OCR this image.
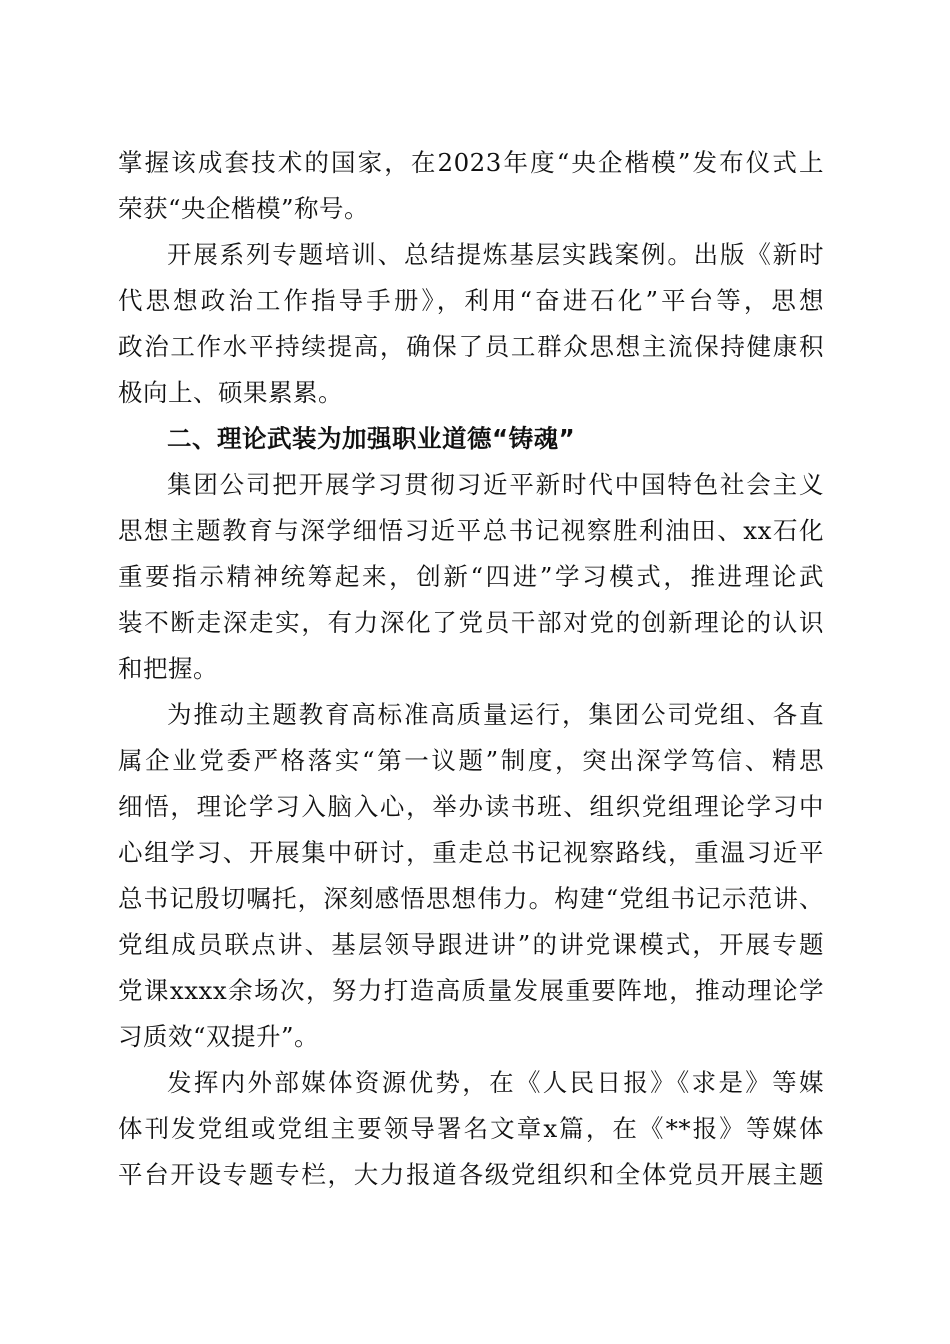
掌握该成套技术的国家，在2023年度“央企楷模”发布仪式上
荣获“央企楷模”称号。
开展系列专题培训、总结提炼基层实践案例。出版《新时
代思想政治工作指导手册》，利用“奋进石化”平台等，思想
政治工作水平持续提高，确保了员工群众思想主流保持健康积
极向上、硕果累累。
二、理论武装为加强职业道德“铸魂”
集团公司把开展学习贯彻习近平新时代中国特色社会主义
思想主题教育与深学细悟习近平总书记视察胜利油田、xx石化
重要指示精神统筹起来，创新“四进”学习模式，推进理论武
装不断走深走实，有力深化了党员干部对党的创新理论的认识
和把握。
为推动主题教育高标准高质量运行，集团公司党组、各直
属企业党委严格落实“第一议题”制度，突出深学笃信、精思
细悟，理论学习入脑入心，举办读书班、组织党组理论学习中
心组学习、开展集中研讨，重走总书记视察路线，重温习近平
总书记殷切嘱托，深刻感悟思想伟力。构建“党组书记示范讲、
党组成员联点讲、基层领导跟进讲”的讲党课模式，开展专题
党课xxxx余场次，努力打造高质量发展重要阵地，推动理论学
习质效“双提升”。
发挥内外部媒体资源优势，在《人民日报》《求是》等媒
体刊发党组或党组主要领导署名文章x篇，在《**报》等媒体
平台开设专题专栏，大力报道各级党组织和全体党员开展主题
